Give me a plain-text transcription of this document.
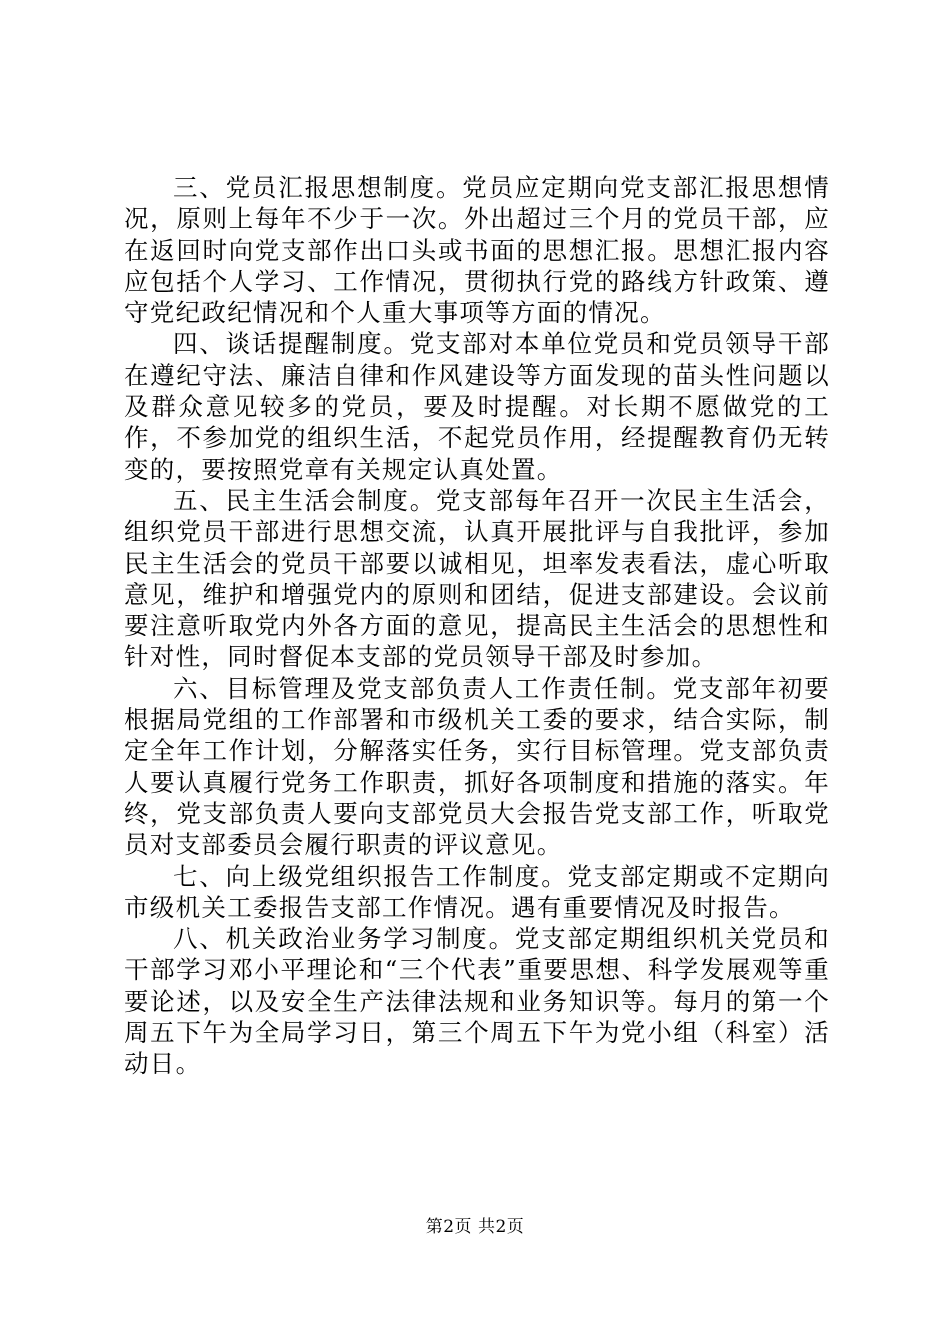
三、党员汇报思想制度。党员应定期向党支部汇报思想情况，原则上每年不少于一次。外出超过三个月的党员干部，应在返回时向党支部作出口头或书面的思想汇报。思想汇报内容应包括个人学习、工作情况，贯彻执行党的路线方针政策、遵守党纪政纪情况和个人重大事项等方面的情况。

四、谈话提醒制度。党支部对本单位党员和党员领导干部在遵纪守法、廉洁自律和作风建设等方面发现的苗头性问题以及群众意见较多的党员，要及时提醒。对长期不愿做党的工作，不参加党的组织生活，不起党员作用，经提醒教育仍无转变的，要按照党章有关规定认真处置。

五、民主生活会制度。党支部每年召开一次民主生活会，组织党员干部进行思想交流，认真开展批评与自我批评，参加民主生活会的党员干部要以诚相见，坦率发表看法，虚心听取意见，维护和增强党内的原则和团结，促进支部建设。会议前要注意听取党内外各方面的意见，提高民主生活会的思想性和针对性，同时督促本支部的党员领导干部及时参加。

六、目标管理及党支部负责人工作责任制。党支部年初要根据局党组的工作部署和市级机关工委的要求，结合实际，制定全年工作计划，分解落实任务，实行目标管理。党支部负责人要认真履行党务工作职责，抓好各项制度和措施的落实。年终，党支部负责人要向支部党员大会报告党支部工作，听取党员对支部委员会履行职责的评议意见。

七、向上级党组织报告工作制度。党支部定期或不定期向市级机关工委报告支部工作情况。遇有重要情况及时报告。

八、机关政治业务学习制度。党支部定期组织机关党员和干部学习邓小平理论和“三个代表”重要思想、科学发展观等重要论述，以及安全生产法律法规和业务知识等。每月的第一个周五下午为全局学习日，第三个周五下午为党小组（科室）活动日。

第2页 共2页
